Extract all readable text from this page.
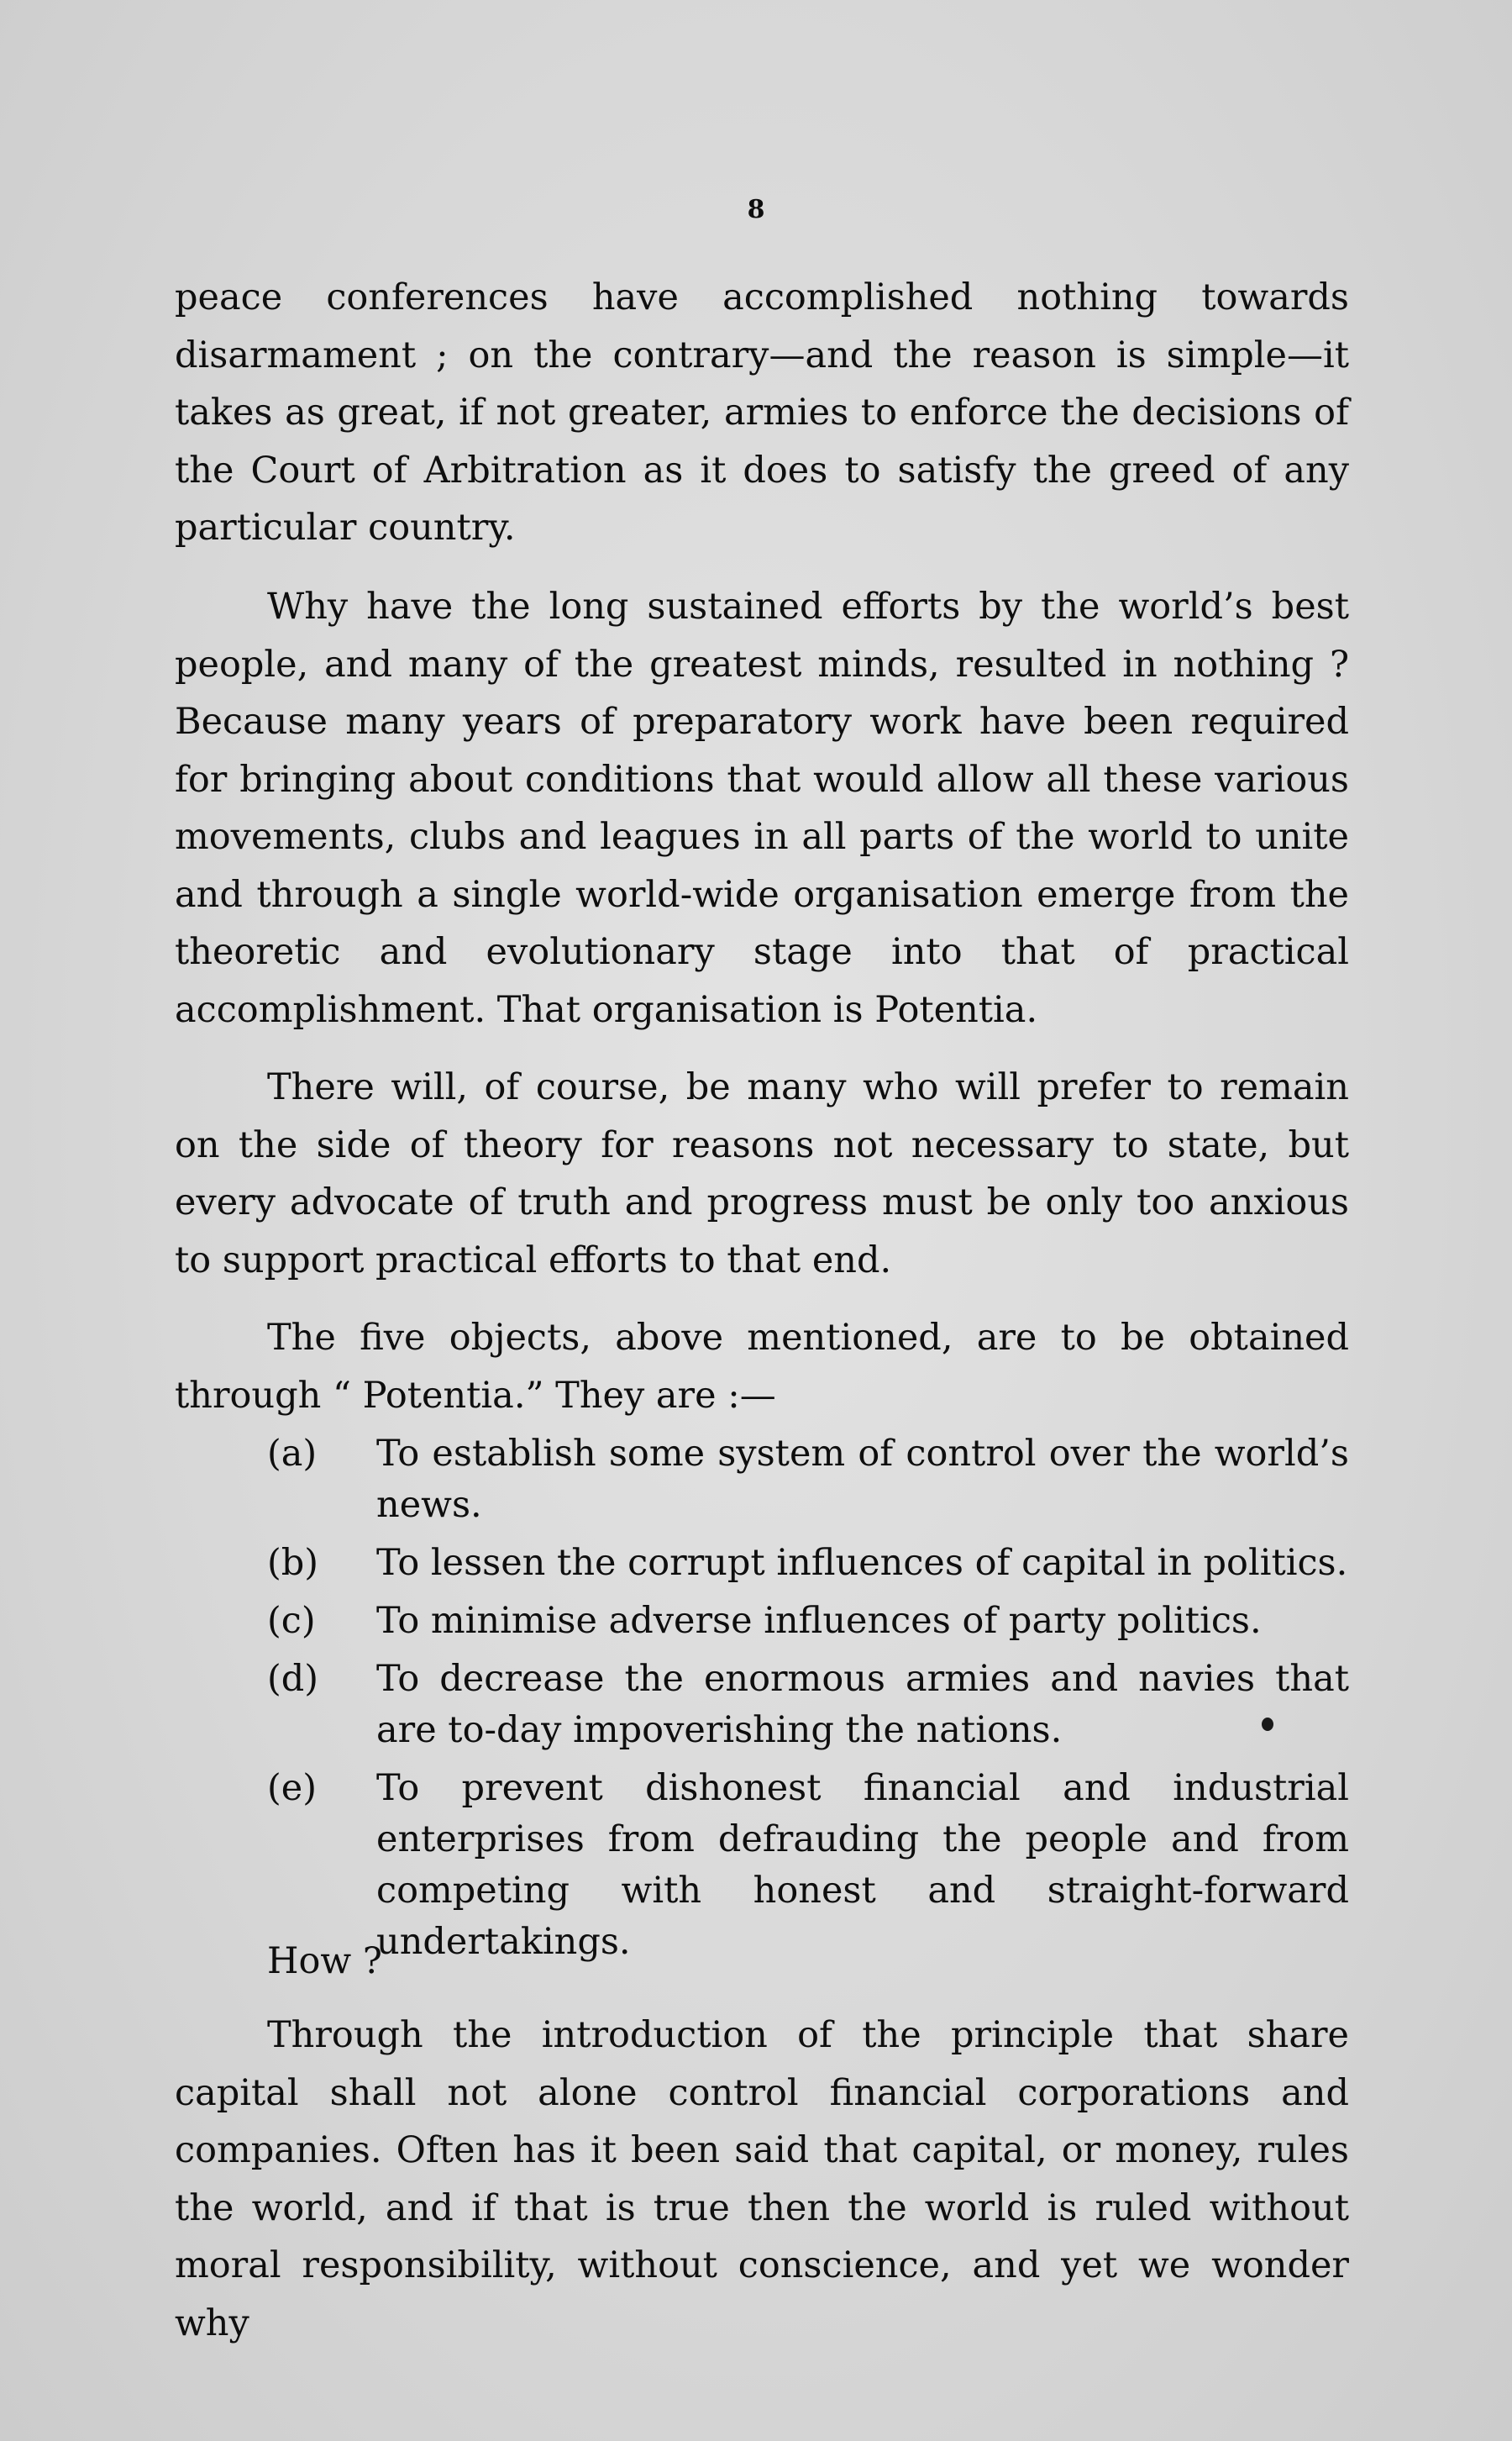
8

peace conferences have accomplished nothing towards disarmament ; on the contrary—and the reason is simple—it takes as great, if not greater, armies to enforce the decisions of the Court of Arbitration as it does to satisfy the greed of any particular country.

Why have the long sustained efforts by the world’s best people, and many of the greatest minds, resulted in nothing ? Because many years of preparatory work have been required for bringing about conditions that would allow all these various movements, clubs and leagues in all parts of the world to unite and through a single world-wide organisation emerge from the theoretic and evolutionary stage into that of practical accomplishment. That organisation is Potentia.

There will, of course, be many who will prefer to remain on the side of theory for reasons not necessary to state, but every advocate of truth and progress must be only too anxious to support practical efforts to that end.

The five objects, above mentioned, are to be obtained through “ Potentia.” They are :—

(a) To establish some system of control over the world’s news.
(b) To lessen the corrupt influences of capital in politics.
(c) To minimise adverse influences of party politics.
(d) To decrease the enormous armies and navies that are to-day impoverishing the nations.
(e) To prevent dishonest financial and industrial enterprises from defrauding the people and from competing with honest and straight-forward undertakings.
How ?

Through the introduction of the principle that share capital shall not alone control financial corporations and companies. Often has it been said that capital, or money, rules the world, and if that is true then the world is ruled without moral responsibility, without conscience, and yet we wonder why
